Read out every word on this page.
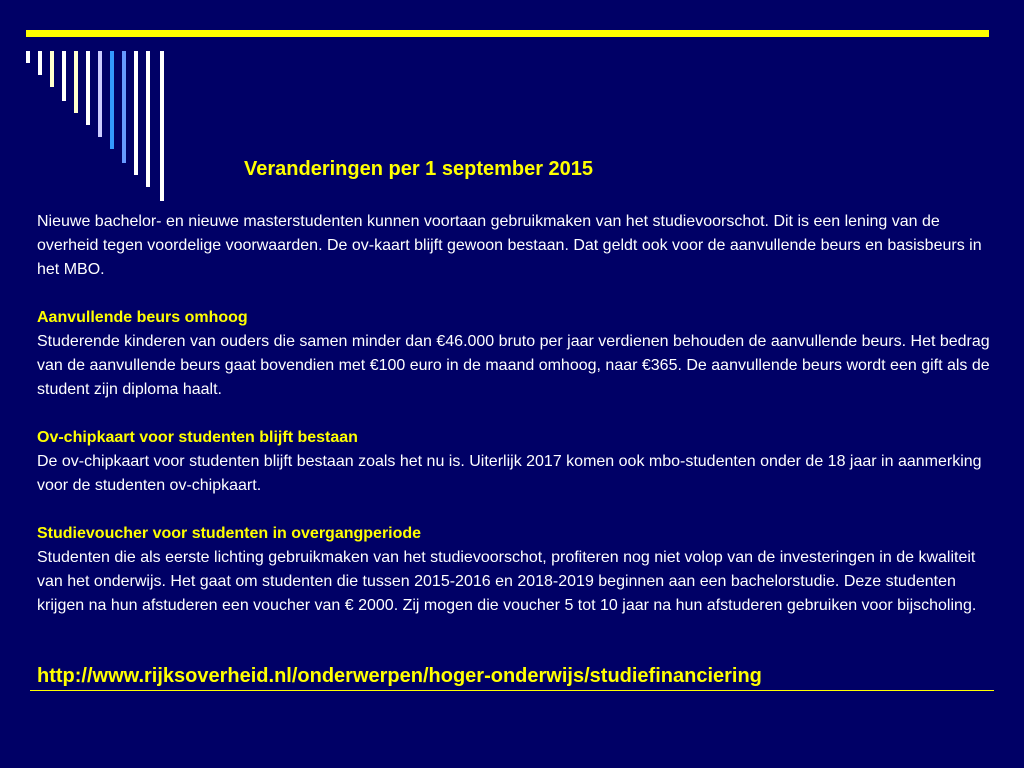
Veranderingen per 1 september 2015

Nieuwe bachelor- en nieuwe masterstudenten kunnen voortaan gebruikmaken van het studievoorschot. Dit is een lening van de overheid tegen voordelige voorwaarden. De ov-kaart blijft gewoon bestaan. Dat geldt ook voor de aanvullende beurs en basisbeurs in het MBO.

Aanvullende beurs omhoog

Studerende kinderen van ouders die samen minder dan €46.000 bruto per jaar verdienen behouden de aanvullende beurs. Het bedrag van de aanvullende beurs gaat bovendien met €100 euro in de maand omhoog, naar €365. De aanvullende beurs wordt een gift als de student zijn diploma haalt.

Ov-chipkaart voor studenten blijft bestaan

De ov-chipkaart voor studenten blijft bestaan zoals het nu is. Uiterlijk 2017 komen ook mbo-studenten onder de 18 jaar in aanmerking voor de studenten ov-chipkaart.

Studievoucher voor studenten in overgangperiode

Studenten die als eerste lichting gebruikmaken van het studievoorschot, profiteren nog niet volop van de investeringen in de kwaliteit van het onderwijs. Het gaat om studenten die tussen 2015-2016 en 2018-2019 beginnen aan een bachelorstudie. Deze studenten krijgen na hun afstuderen een voucher van € 2000. Zij mogen die voucher 5 tot 10 jaar na hun afstuderen gebruiken voor bijscholing.

http://www.rijksoverheid.nl/onderwerpen/hoger-onderwijs/studiefinanciering
